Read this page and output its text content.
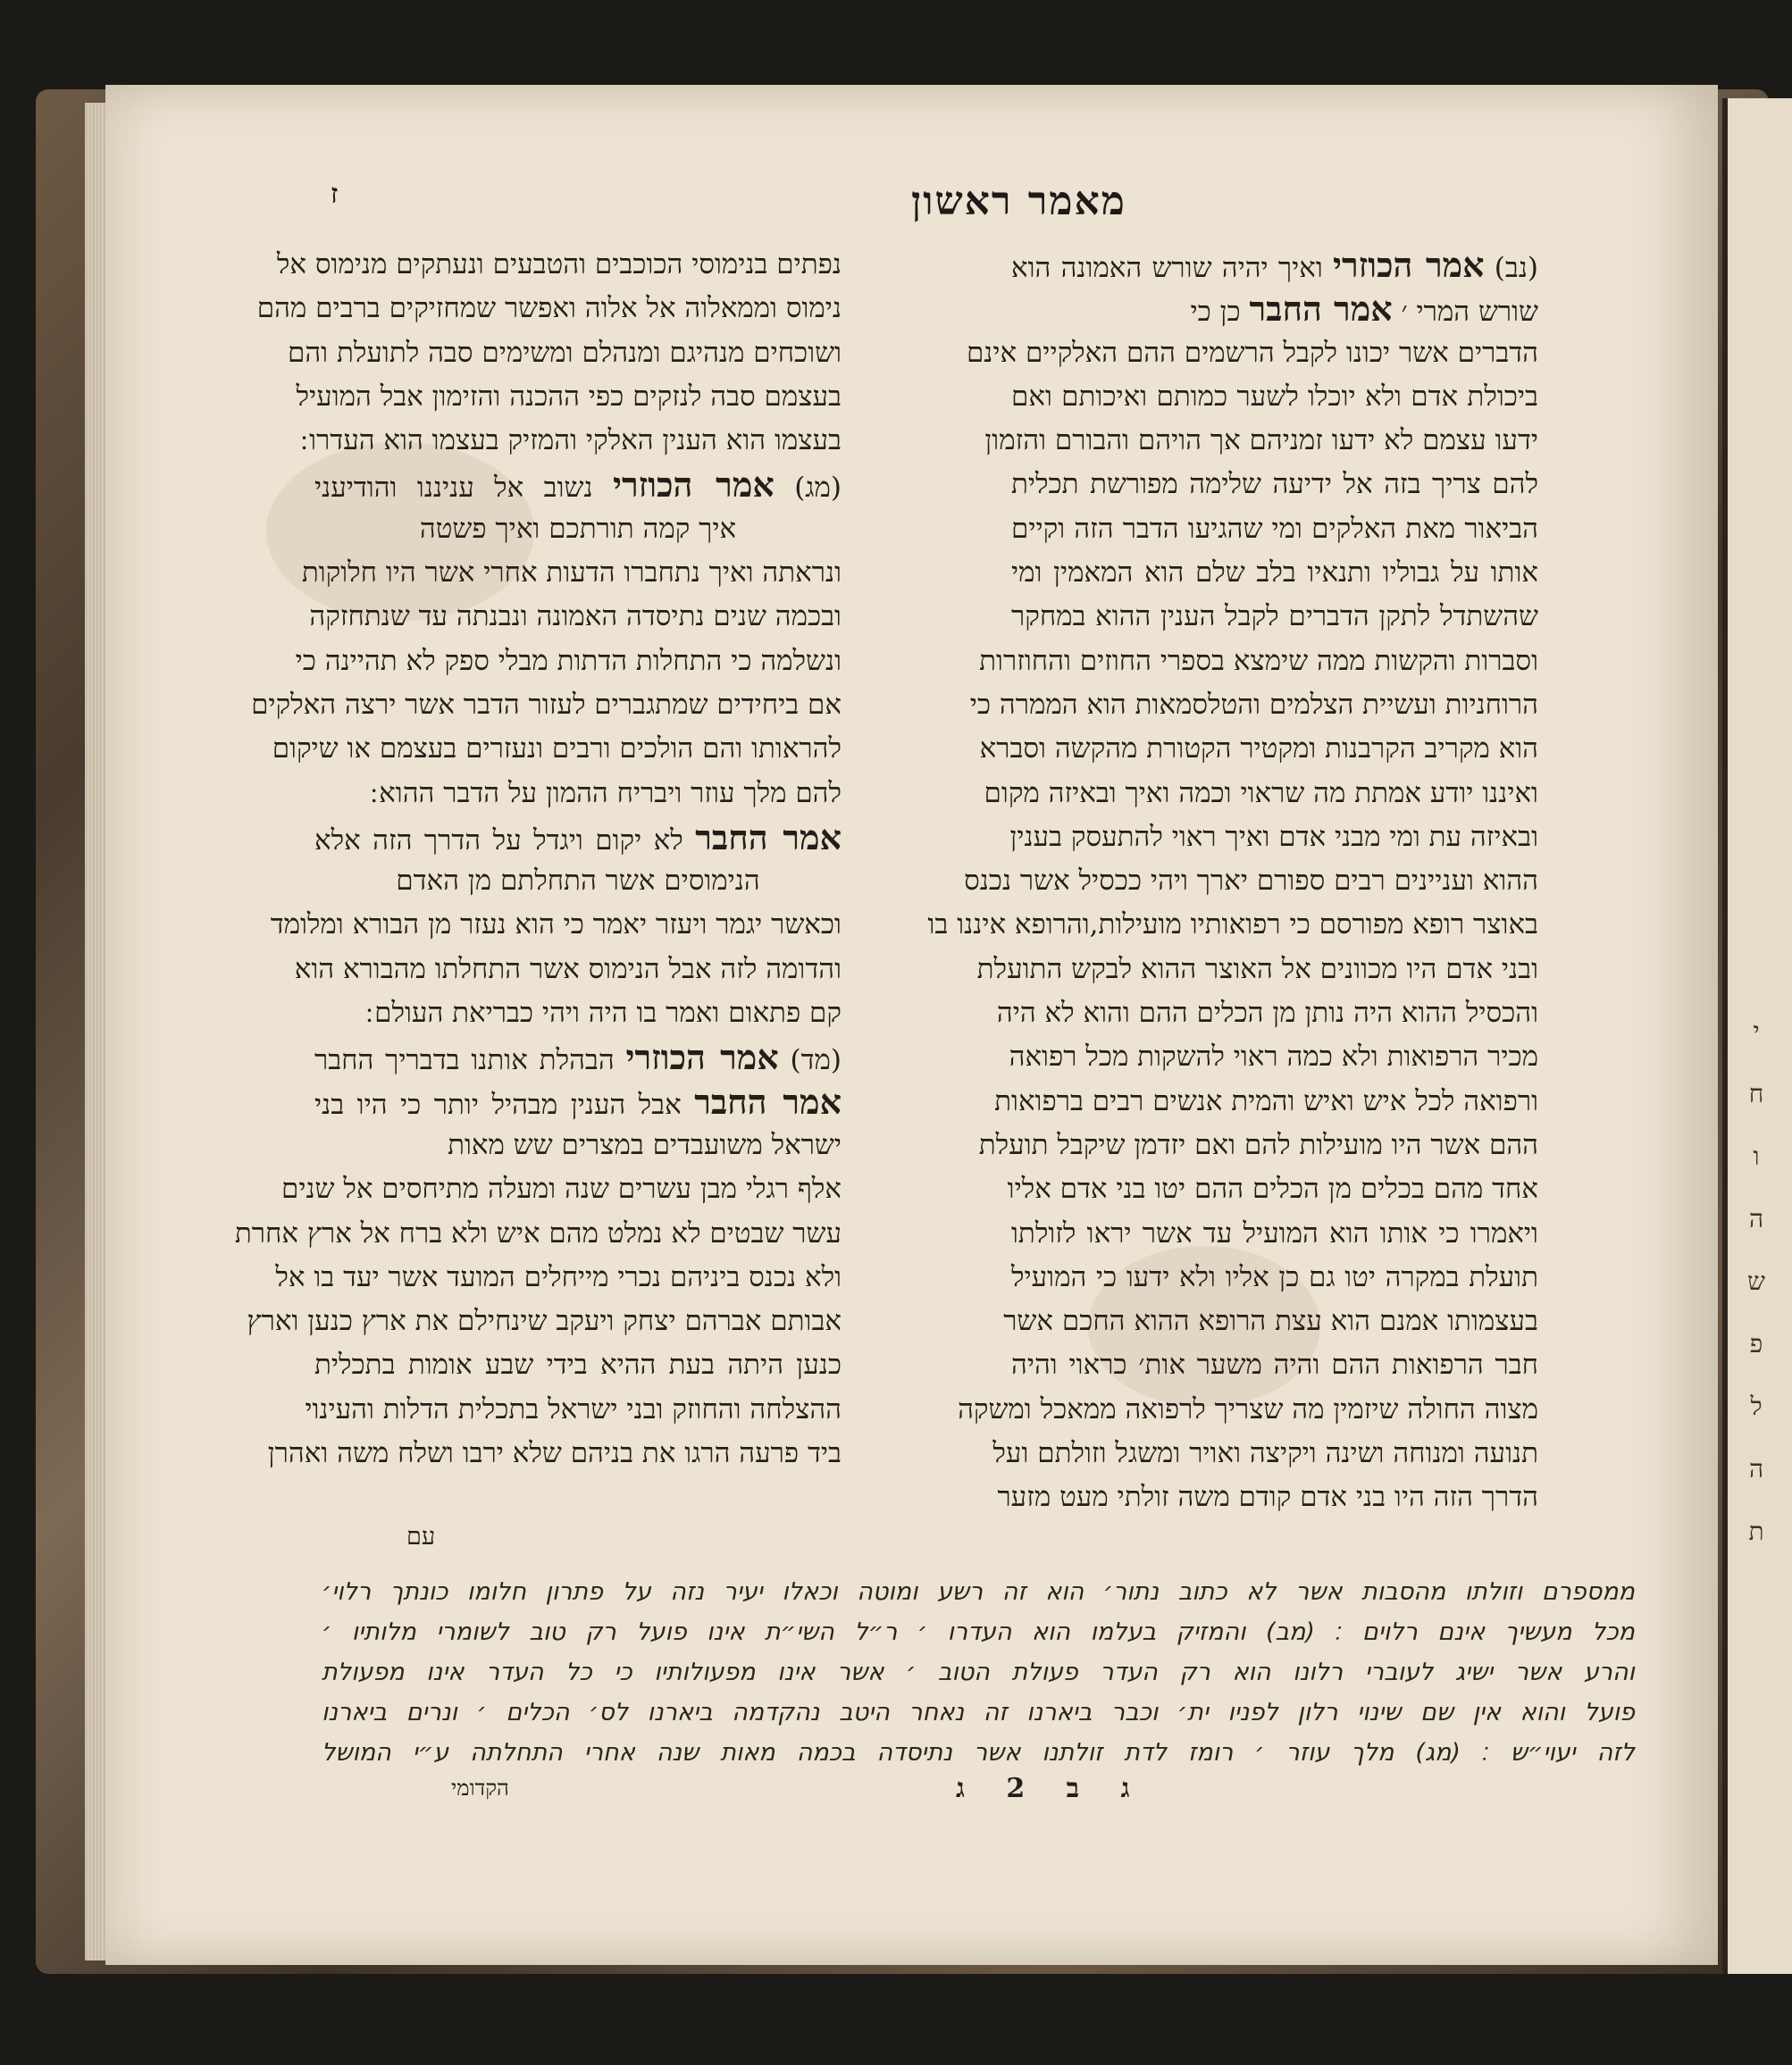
י
ח
ו
ה
ש
פ
ל
ה
ת
מאמר ראשון
ז
(נב) אמר הכוזרי ואיך יהיה שורש האמונה הוא
שורש המרי ׳ אמר החבר כן כי
הדברים אשר יכונו לקבל הרשמים ההם האלקיים אינם
ביכולת אדם ולא יוכלו לשער כמותם ואיכותם ואם
ידעו עצמם לא ידעו זמניהם אך הויהם והבורם והזמון
להם צריך בזה אל ידיעה שלימה מפורשת תכלית
הביאור מאת האלקים ומי שהגיעו הדבר הזה וקיים
אותו על גבוליו ותנאיו בלב שלם הוא המאמין ומי
שהשתדל לתקן הדברים לקבל הענין ההוא במחקר
וסברות והקשות ממה שימצא בספרי החוזים והחוזרות
הרוחניות ועשיית הצלמים והטלסמאות הוא הממרה כי
הוא מקריב הקרבנות ומקטיר הקטורת מהקשה וסברא
ואיננו יודע אמתת מה שראוי וכמה ואיך ובאיזה מקום
ובאיזה עת ומי מבני אדם ואיך ראוי להתעסק בענין
ההוא ועניינים רבים ספורם יארך ויהי ככסיל אשר נכנס
באוצר רופא מפורסם כי רפואותיו מועילות,והרופא איננו בו
ובני אדם היו מכוונים אל האוצר ההוא לבקש התועלת
והכסיל ההוא היה נותן מן הכלים ההם והוא לא היה
מכיר הרפואות ולא כמה ראוי להשקות מכל רפואה
ורפואה לכל איש ואיש והמית אנשים רבים ברפואות
ההם אשר היו מועילות להם ואם יזדמן שיקבל תועלת
אחד מהם בכלים מן הכלים ההם יטו בני אדם אליו
ויאמרו כי אותו הוא המועיל עד אשר יראו לזולתו
תועלת במקרה יטו גם כן אליו ולא ידעו כי המועיל
בעצמותו אמנם הוא עצת הרופא ההוא החכם אשר
חבר הרפואות ההם והיה משער אות׳ כראוי והיה
מצוה החולה שיזמין מה שצריך לרפואה ממאכל ומשקה
תנועה ומנוחה ושינה ויקיצה ואויר ומשגל וזולתם ועל
הדרך הזה היו בני אדם קודם משה זולתי מעט מזער
נפתים בנימוסי הכוכבים והטבעים ונעתקים מנימוס אל
נימוס וממאלוה אל אלוה ואפשר שמחזיקים ברבים מהם
ושוכחים מנהיגם ומנהלם ומשימים סבה לתועלת והם
בעצמם סבה לנזקים כפי ההכנה והזימון אבל המועיל
בעצמו הוא הענין האלקי והמזיק בעצמו הוא העדרו ׃
(מג) אמר הכוזרי נשוב אל עניננו והודיעני
איך קמה תורתכם ואיך פשטה
ונראתה ואיך נתחברו הדעות אחרי אשר היו חלוקות
ובכמה שנים נתיסדה האמונה ונבנתה עד שנתחזקה
ונשלמה כי התחלות הדתות מבלי ספק לא תהיינה כי
אם ביחידים שמתגברים לעזור הדבר אשר ירצה האלקים
להראותו והם הולכים ורבים ונעזרים בעצמם או שיקום
להם מלך עוזר ויבריח ההמון על הדבר ההוא ׃
אמר החבר לא יקום ויגדל על הדרך הזה אלא
הנימוסים אשר התחלתם מן האדם
וכאשר יגמר ויעזר יאמר כי הוא נעזר מן הבורא ומלומד
והדומה לזה אבל הנימוס אשר התחלתו מהבורא הוא
קם פתאום ואמר בו היה ויהי כבריאת העולם ׃
(מד) אמר הכוזרי הבהלת אותנו בדבריך החבר
אמר החבר אבל הענין מבהיל יותר כי היו בני
ישראל משועבדים במצרים שש מאות
אלף רגלי מבן עשרים שנה ומעלה מתיחסים אל שנים
עשר שבטים לא נמלט מהם איש ולא ברח אל ארץ אחרת
ולא נכנס ביניהם נכרי מייחלים המועד אשר יעד בו אל
אבותם אברהם יצחק ויעקב שינחילם את ארץ כנען וארץ
כנען היתה בעת ההיא בידי שבע אומות בתכלית
ההצלחה והחוזק ובני ישראל בתכלית הדלות והעינוי
ביד פרעה הרגו את בניהם שלא ירבו ושלח משה ואהרן
עם
ממספרם וזולתו מהסבות אשר לא כתוב נתור׳ הוא זה רשע ומוטה וכאלו יעיר נזה על פתרון חלומו כונתך רלוי׳
מכל מעשיך אינם רלוים ׃ (מב) והמזיק בעלמו הוא העדרו ׳ ר״ל השי״ת אינו פועל רק טוב לשומרי מלותיו ׳
והרע אשר ישיג לעוברי רלונו הוא רק העדר פעולת הטוב ׳ אשר אינו מפעולותיו כי כל העדר אינו מפעולת
פועל והוא אין שם שינוי רלון לפניו ית׳ וכבר ביארנו זה נאחר היטב נהקדמה ביארנו לס׳ הכלים ׳ ונרים ביארנו
לזה יעוי״ש ׃ (מג) מלך עוזר ׳ רומז לדת זולתנו אשר נתיסדה בכמה מאות שנה אחרי התחלתה ע״י המושל
הקדומי	ג ב 2 ג
